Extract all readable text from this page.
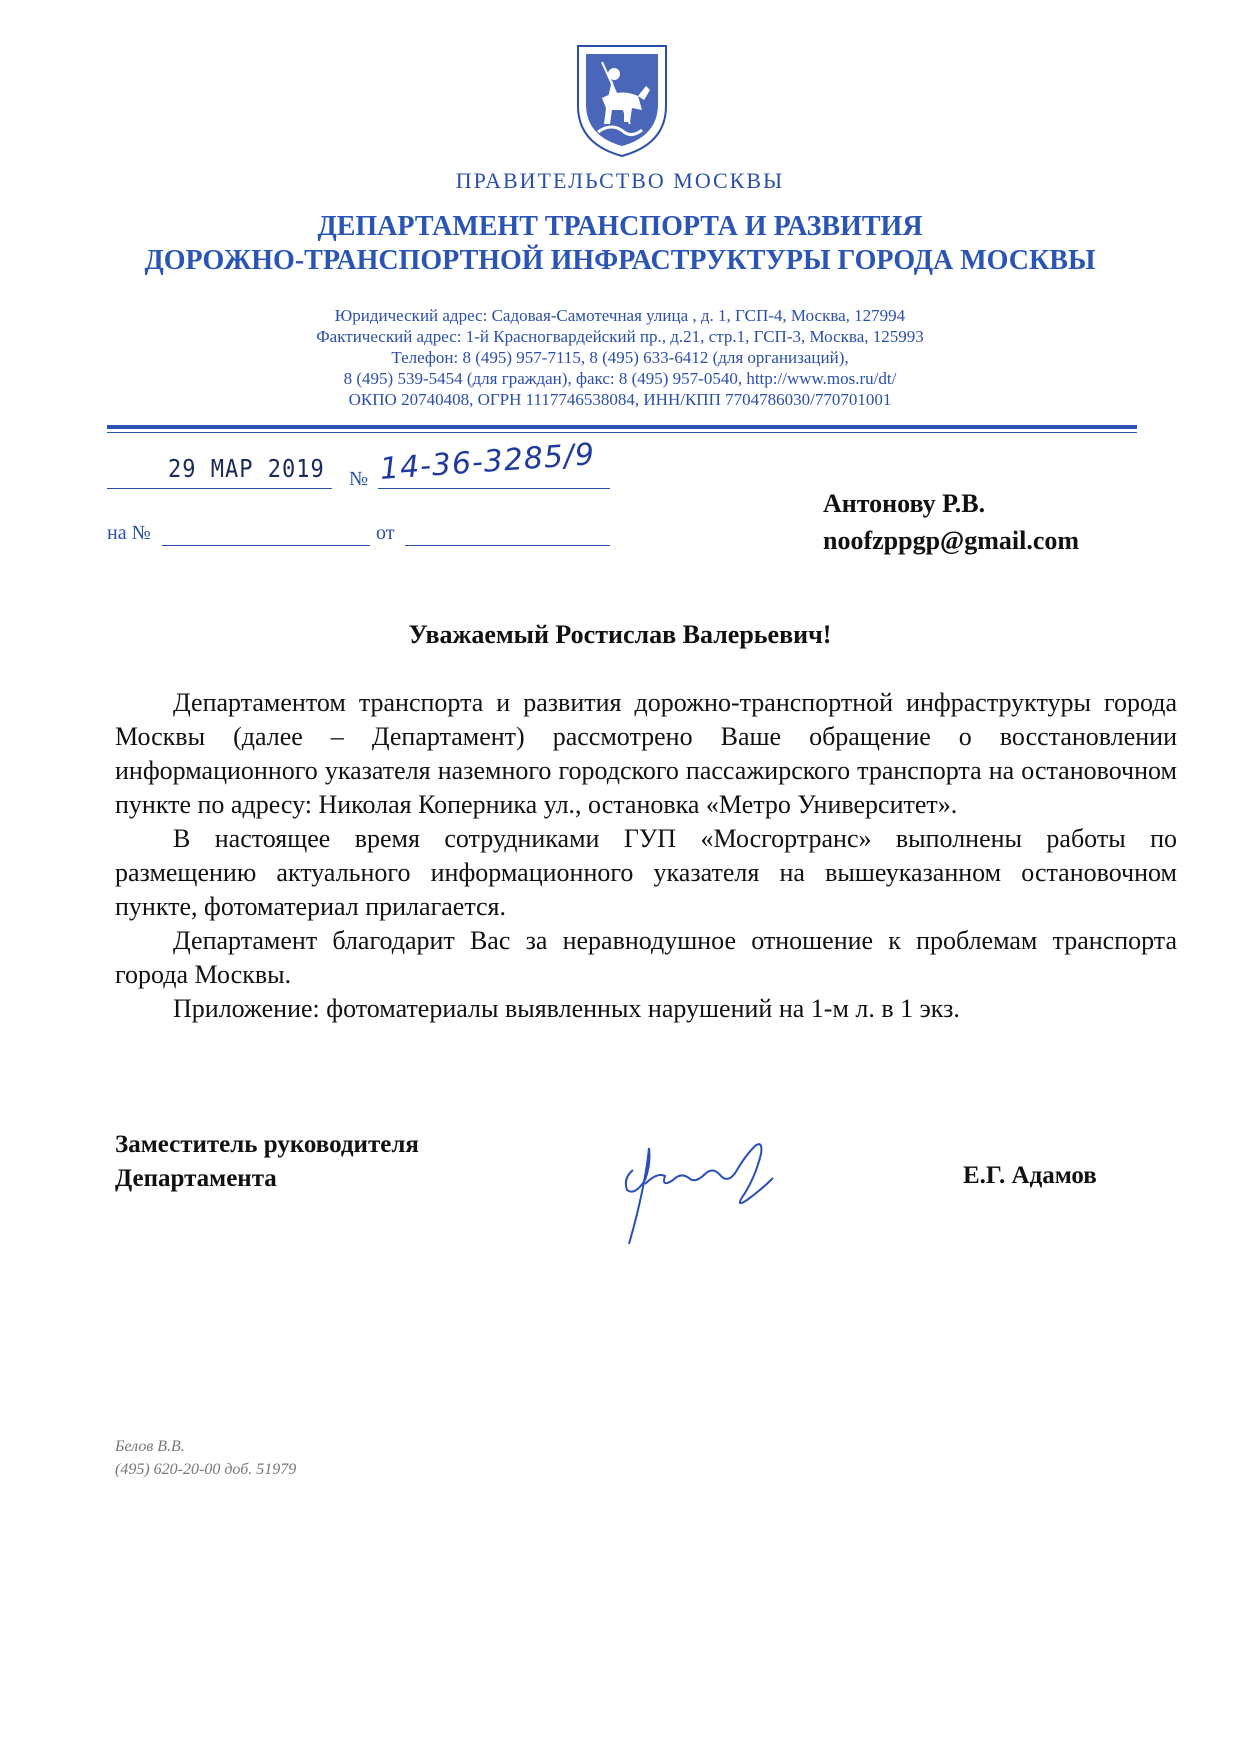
ПРАВИТЕЛЬСТВО МОСКВЫ
ДЕПАРТАМЕНТ ТРАНСПОРТА И РАЗВИТИЯ
ДОРОЖНО-ТРАНСПОРТНОЙ ИНФРАСТРУКТУРЫ ГОРОДА МОСКВЫ
Юридический адрес: Садовая-Самотечная улица , д. 1, ГСП-4, Москва, 127994
Фактический адрес: 1-й Красногвардейский пр., д.21, стр.1, ГСП-3, Москва, 125993
Телефон: 8 (495) 957-7115, 8 (495) 633-6412 (для организаций),
8 (495) 539-5454 (для граждан), факс: 8 (495) 957-0540, http://www.mos.ru/dt/
ОКПО 20740408, ОГРН 1117746538084, ИНН/КПП 7704786030/770701001
29 МАР 2019 № 14-36-3285/9
на №	от
Антонову Р.В.
noofzppgp@gmail.com
Уважаемый Ростислав Валерьевич!

Департаментом транспорта и развития дорожно-транспортной инфраструктуры города Москвы (далее – Департамент) рассмотрено Ваше обращение о восстановлении информационного указателя наземного городского пассажирского транспорта на остановочном пункте по адресу: Николая Коперника ул., остановка «Метро Университет».

В настоящее время сотрудниками ГУП «Мосгортранс» выполнены работы по размещению актуального информационного указателя на вышеуказанном остановочном пункте, фотоматериал прилагается.

Департамент благодарит Вас за неравнодушное отношение к проблемам транспорта города Москвы.

Приложение: фотоматериалы выявленных нарушений на 1-м л. в 1 экз.

Заместитель руководителя
Департамента	Е.Г. Адамов
Белов В.В.
(495) 620-20-00 доб. 51979
